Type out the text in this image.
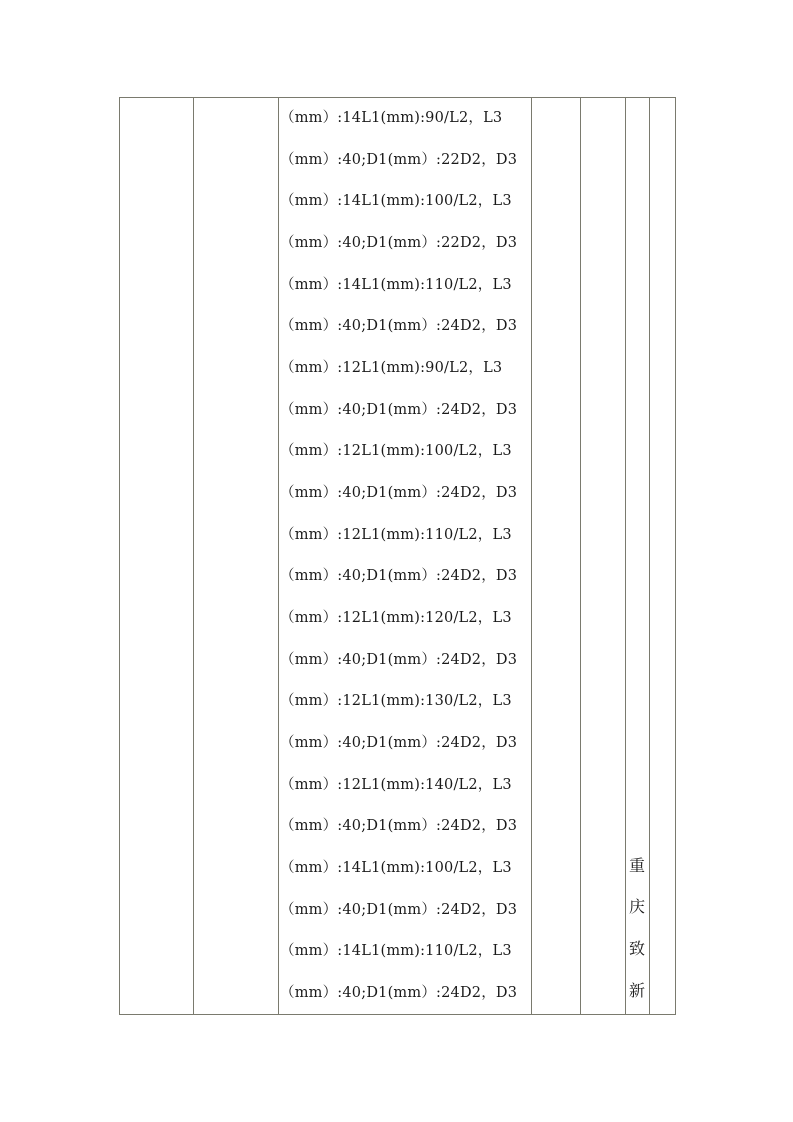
（mm）:14L1(mm):90/L2，L3
（mm）:40;D1(mm）:22D2，D3
（mm）:14L1(mm):100/L2，L3
（mm）:40;D1(mm）:22D2，D3
（mm）:14L1(mm):110/L2，L3
（mm）:40;D1(mm）:24D2，D3
（mm）:12L1(mm):90/L2，L3
（mm）:40;D1(mm）:24D2，D3
（mm）:12L1(mm):100/L2，L3
（mm）:40;D1(mm）:24D2，D3
（mm）:12L1(mm):110/L2，L3
（mm）:40;D1(mm）:24D2，D3
（mm）:12L1(mm):120/L2，L3
（mm）:40;D1(mm）:24D2，D3
（mm）:12L1(mm):130/L2，L3
（mm）:40;D1(mm）:24D2，D3
（mm）:12L1(mm):140/L2，L3
（mm）:40;D1(mm）:24D2，D3
（mm）:14L1(mm):100/L2，L3
（mm）:40;D1(mm）:24D2，D3
（mm）:14L1(mm):110/L2，L3
（mm）:40;D1(mm）:24D2，D3
重
庆
致
新
